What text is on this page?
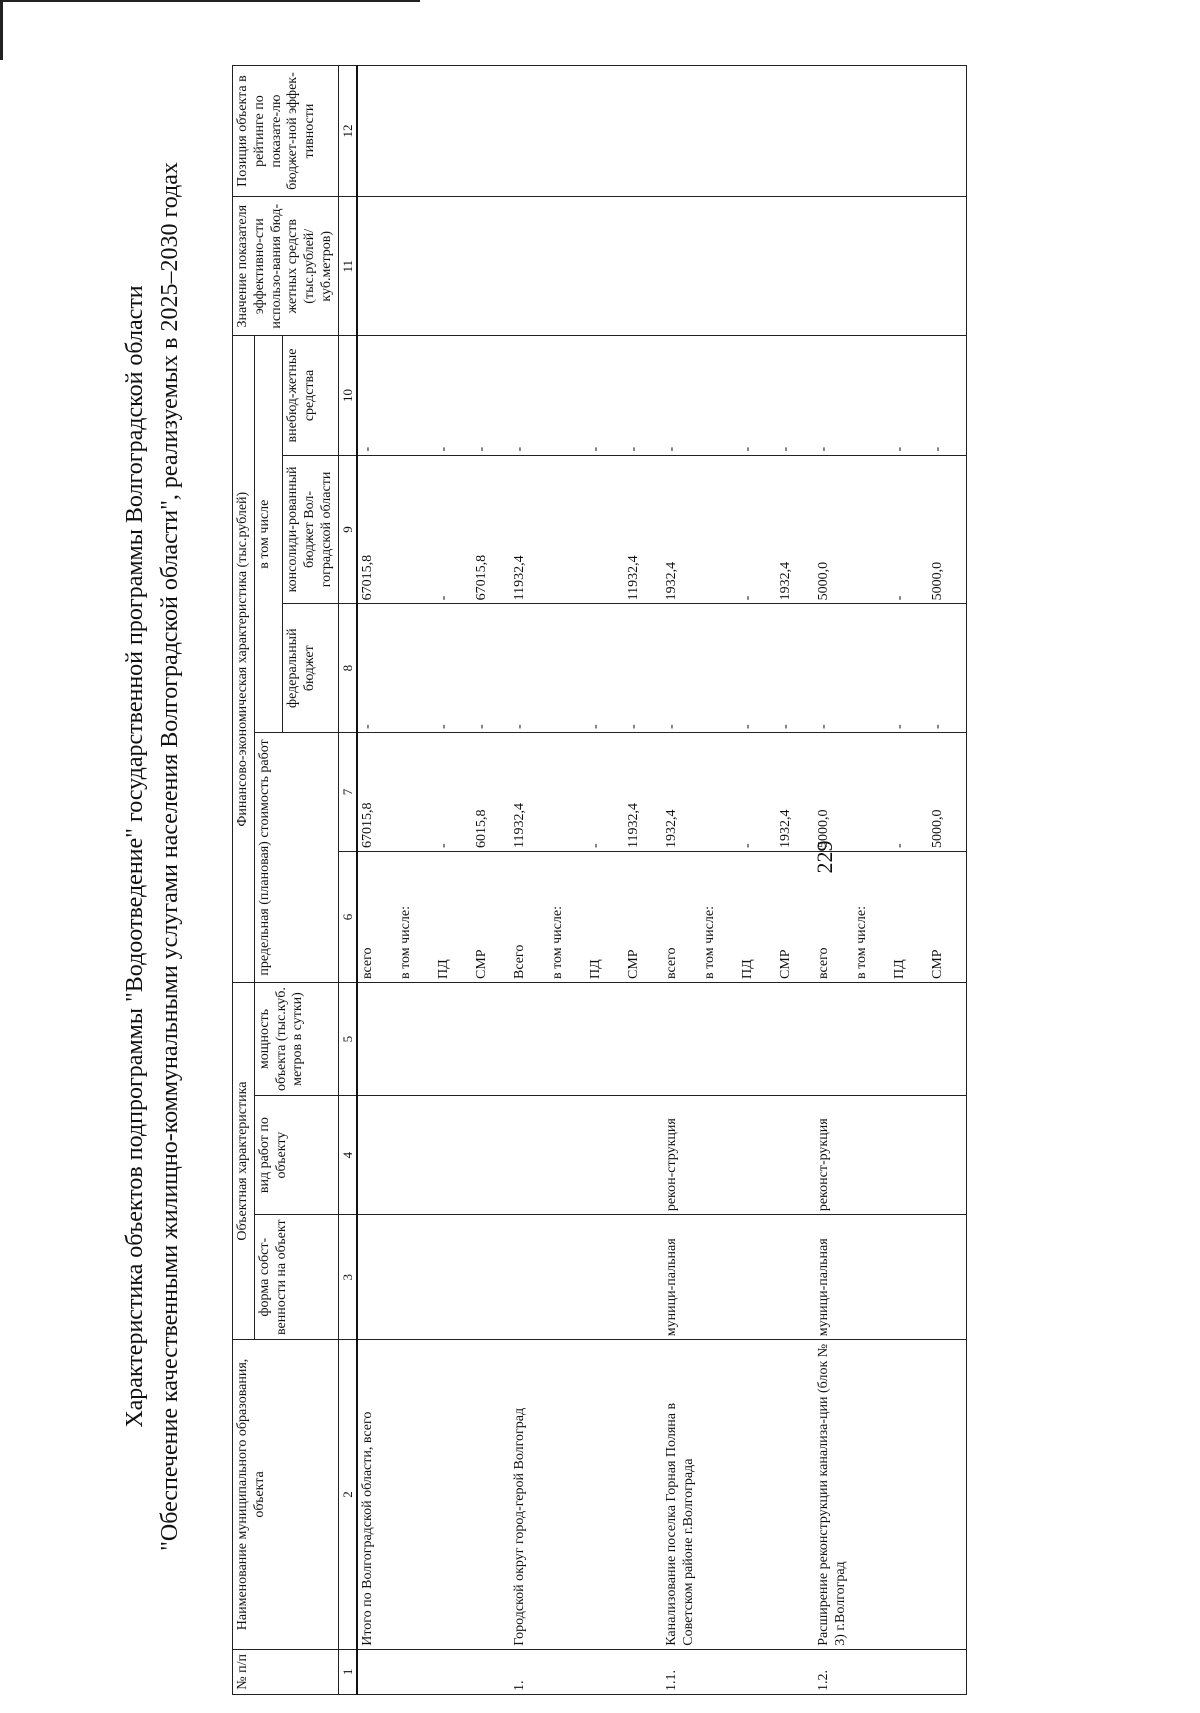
229
Характеристика объектов подпрограммы "Водоотведение" государственной программы Волгоградской области "Обеспечение качественными жилищно-коммунальными услугами населения Волгоградской области", реализуемых в 2025–2030 годах
№ п/п	Наименование муниципального образования, объекта	Объектная характеристика			Финансово-экономическая характеристика (тыс.рублей)					Значение показателя эффективно-сти использо-вания бюд-жетных средств (тыс.рублей/ куб.метров)	Позиция объекта в рейтинге по показате-лю бюджет-ной эффек-тивности
		форма собст-венности на объект	вид работ по объекту	мощность объекта (тыс.куб. метров в сутки)	предельная (плановая) стоимость работ		в том числе				
							федеральный бюджет	консолиди-рованный бюджет Вол-гоградской области	внебюд-жетные средства		
1	2	3	4	5	6	7	8	9	10	11	12
	Итого по Волгоградской области, всего				всего	67015,8	-	67015,8	-		
					в том числе:						
					ПД	-	-	-	-		
					СМР	6015,8	-	67015,8	-		
1.	Городской округ город-герой Волгоград				Всего	11932,4	-	11932,4	-		
					в том числе:						
					ПД	-	-		-		
					СМР	11932,4	-	11932,4	-		
1.1.	Канализование поселка Горная Поляна в Советском районе г.Волгограда	муници-пальная	рекон-струкция		всего	1932,4	-	1932,4	-		
					в том числе:						
					ПД	-	-	-	-		
					СМР	1932,4	-	1932,4	-		
1.2.	Расширение реконструкции канализа-ции (блок № 3) г.Волгоград	муници-пальная	реконст-рукция		всего	5000,0	-	5000,0	-		
					в том числе:						
					ПД	-	-	-	-		
					СМР	5000,0	-	5000,0	-		
